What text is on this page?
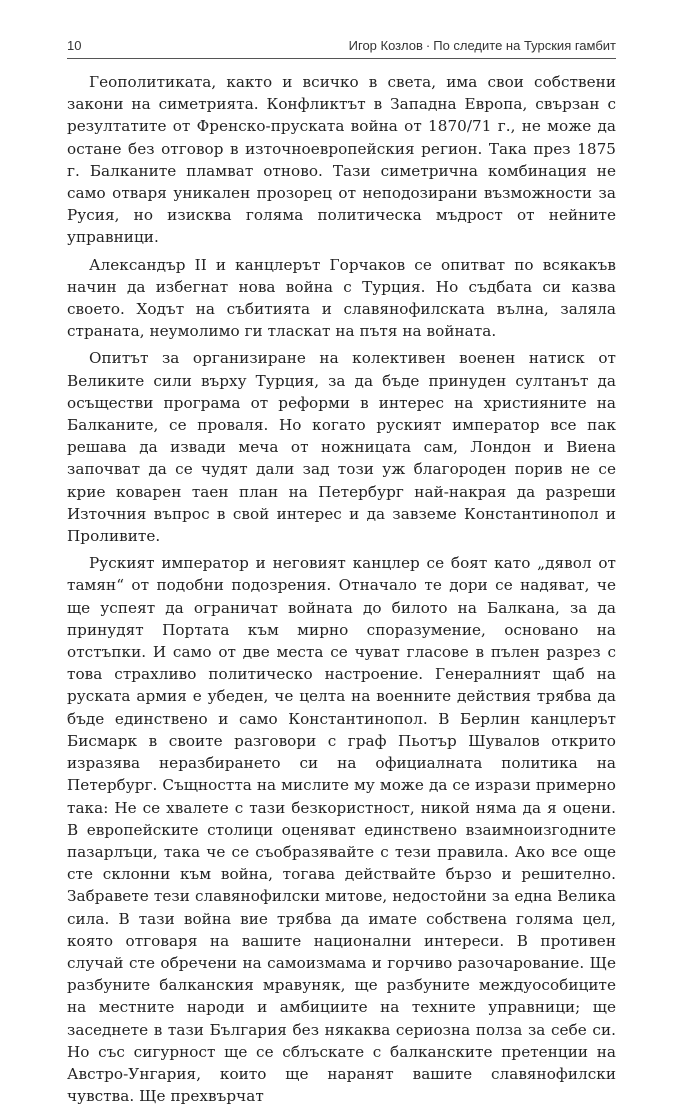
10	Игор Козлов · По следите на Турския гамбит

Геополитиката, както и всичко в света, има свои собствени закони на симетрията. Конфликтът в Западна Европа, свързан с резултатите от Френско-пруската война от 1870/71 г., не може да остане без отговор в източноевропейския регион. Така през 1875 г. Балканите пламват отново. Тази симетрична комбинация не само отваря уникален прозорец от неподозирани възможности за Русия, но изисква голяма политическа мъдрост от нейните управници.

Александър II и канцлерът Горчаков се опитват по всякакъв начин да избегнат нова война с Турция. Но съдбата си казва своето. Ходът на събитията и славянофилската вълна, заляла страната, неумолимо ги тласкат на пътя на войната.

Опитът за организиране на колективен военен натиск от Великите сили върху Турция, за да бъде принуден султанът да осъществи програма от реформи в интерес на християните на Балканите, се проваля. Но когато руският император все пак решава да извади меча от ножницата сам, Лондон и Виена започват да се чудят дали зад този уж благороден порив не се крие коварен таен план на Петербург най-накрая да разреши Източния въпрос в свой интерес и да завземе Константинопол и Проливите.

Руският император и неговият канцлер се боят като „дявол от тамян“ от подобни подозрения. Отначало те дори се надяват, че ще успеят да ограничат войната до билото на Балкана, за да принудят Портата към мирно споразумение, основано на отстъпки. И само от две места се чуват гласове в пълен разрез с това страхливо политическо настроение. Генералният щаб на руската армия е убеден, че целта на военните действия трябва да бъде единствено и само Константинопол. В Берлин канцлерът Бисмарк в своите разговори с граф Пьотър Шувалов открито изразява неразбирането си на официалната политика на Петербург. Същността на мислите му може да се изрази примерно така: Не се хвалете с тази безкористност, никой няма да я оцени. В европейските столици оценяват единствено взаимноизгодните пазарлъци, така че се съобразявайте с тези правила. Ако все още сте склонни към война, тогава действайте бързо и решително. Забравете тези славянофилски митове, недостойни за една Велика сила. В тази война вие трябва да имате собствена голяма цел, която отговаря на вашите национални интереси. В противен случай сте обречени на самоизмама и горчиво разочарование. Ще разбуните балканския мравуняк, ще разбуните междуособиците на местните народи и амбициите на техните управници; ще заседнете в тази България без някаква сериозна полза за себе си. Но със сигурност ще се сблъскате с балканските претенции на Австро-Унгария, които ще наранят вашите славянофилски чувства. Ще прехвърчат
